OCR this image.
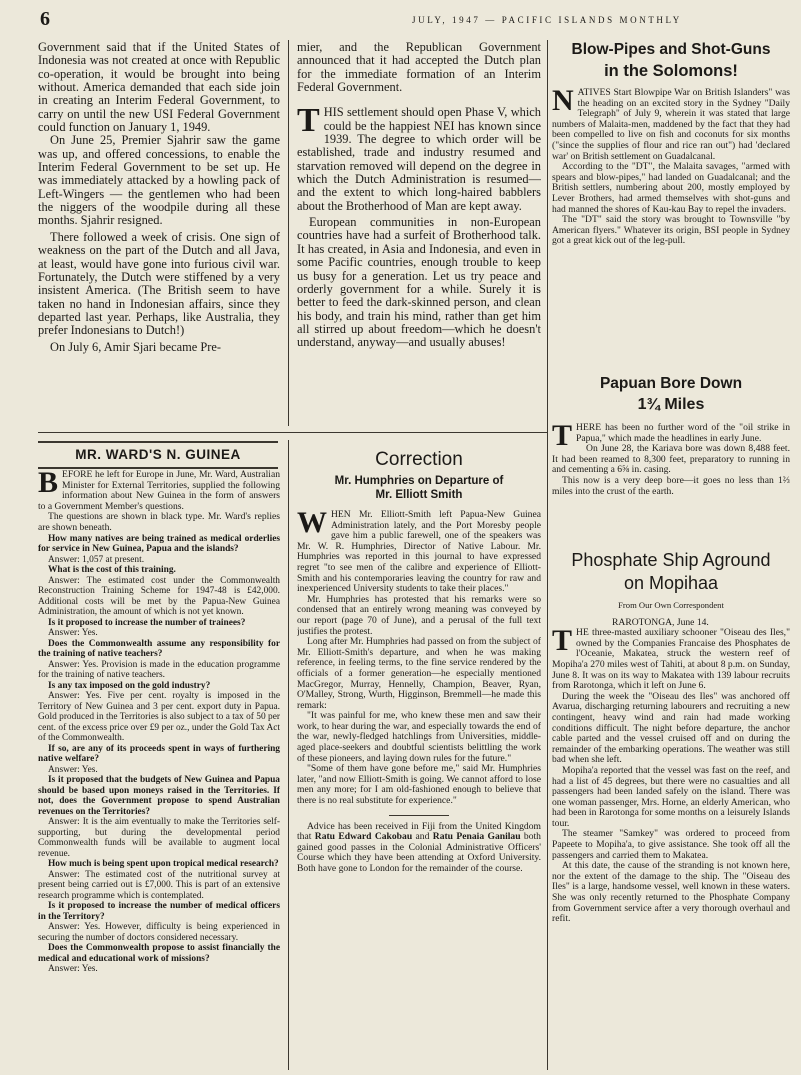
6	JULY, 1947 — PACIFIC ISLANDS MONTHLY

Government said that if the United States of Indonesia was not created at once with Republic co-operation, it would be brought into being without. America demanded that each side join in creating an Interim Federal Government, to carry on until the new USI Federal Government could function on January 1, 1949.

On June 25, Premier Sjahrir saw the game was up, and offered concessions, to enable the Interim Federal Government to be set up. He was immediately attacked by a howling pack of Left-Wingers — the gentlemen who had been the niggers of the woodpile during all these months. Sjahrir resigned.

There followed a week of crisis. One sign of weakness on the part of the Dutch and all Java, at least, would have gone into furious civil war. Fortunately, the Dutch were stiffened by a very insistent America. (The British seem to have taken no hand in Indonesian affairs, since they departed last year. Perhaps, like Australia, they prefer Indonesians to Dutch!)

On July 6, Amir Sjari became Pre-

mier, and the Republican Government announced that it had accepted the Dutch plan for the immediate formation of an Interim Federal Government.

THIS settlement should open Phase V, which could be the happiest NEI has known since 1939. The degree to which order will be established, trade and industry resumed and starvation removed will depend on the degree in which the Dutch Administration is resumed—and the extent to which long-haired babblers about the Brotherhood of Man are kept away.

European communities in non-European countries have had a surfeit of Brotherhood talk. It has created, in Asia and Indonesia, and even in some Pacific countries, enough trouble to keep us busy for a generation. Let us try peace and orderly government for a while. Surely it is better to feed the dark-skinned person, and clean his body, and train his mind, rather than get him all stirred up about freedom—which he doesn't understand, anyway—and usually abuses!

Blow-Pipes and Shot-Guns

in the Solomons!

NATIVES Start Blowpipe War on British Islanders" was the heading on an excited story in the Sydney "Daily Telegraph" of July 9, wherein it was stated that large numbers of Malaita-men, maddened by the fact that they had been compelled to live on fish and coconuts for six months ("since the supplies of flour and rice ran out") had 'declared war' on British settlement on Guadalcanal.

According to the "DT", the Malaita savages, "armed with spears and blow-pipes," had landed on Guadalcanal; and the British settlers, numbering about 200, mostly employed by Lever Brothers, had armed themselves with shot-guns and had manned the shores of Kau-kau Bay to repel the invaders.

The "DT" said the story was brought to Townsville "by American flyers." Whatever its origin, BSI people in Sydney got a great kick out of the leg-pull.

Papuan Bore Down

1¾ Miles

THERE has been no further word of the "oil strike in Papua," which made the headlines in early June.

On June 28, the Kariava bore was down 8,488 feet. It had been reamed to 8,300 feet, preparatory to running in and cementing a 6⅝ in. casing.

This now is a very deep bore—it goes no less than 1⅔ miles into the crust of the earth.

Phosphate Ship Aground

on Mopihaa

From Our Own Correspondent

RAROTONGA, June 14.

THE three-masted auxiliary schooner "Oiseau des Iles," owned by the Companies Francaise des Phosphates de l'Oceanie, Makatea, struck the western reef of Mopiha'a 270 miles west of Tahiti, at about 8 p.m. on Sunday, June 8. It was on its way to Makatea with 139 labour recruits from Rarotonga, which it left on June 6.

During the week the "Oiseau des Iles" was anchored off Avarua, discharging returning labourers and recruiting a new contingent, heavy wind and rain had made working conditions difficult. The night before departure, the anchor cable parted and the vessel cruised off and on during the remainder of the embarking operations. The weather was still bad when she left.

Mopiha'a reported that the vessel was fast on the reef, and had a list of 45 degrees, but there were no casualties and all passengers had been landed safely on the island. There was one woman passenger, Mrs. Horne, an elderly American, who had been in Rarotonga for some months on a leisurely Islands tour.

The steamer "Samkey" was ordered to proceed from Papeete to Mopiha'a, to give assistance. She took off all the passengers and carried them to Makatea.

At this date, the cause of the stranding is not known here, nor the extent of the damage to the ship. The "Oiseau des Iles" is a large, handsome vessel, well known in these waters. She was only recently returned to the Phosphate Company from Government service after a very thorough overhaul and refit.

MR. WARD'S N. GUINEA

BEFORE he left for Europe in June, Mr. Ward, Australian Minister for External Territories, supplied the following information about New Guinea in the form of answers to a Government Member's questions.

The questions are shown in black type. Mr. Ward's replies are shown beneath.

How many natives are being trained as medical orderlies for service in New Guinea, Papua and the islands?

Answer: 1,057 at present.

What is the cost of this training.

Answer: The estimated cost under the Commonwealth Reconstruction Training Scheme for 1947-48 is £42,000. Additional costs will be met by the Papua-New Guinea Administration, the amount of which is not yet known.

Is it proposed to increase the number of trainees?

Answer: Yes.

Does the Commonwealth assume any responsibility for the training of native teachers?

Answer: Yes. Provision is made in the education programme for the training of native teachers.

Is any tax imposed on the gold industry?

Answer: Yes. Five per cent. royalty is imposed in the Territory of New Guinea and 3 per cent. export duty in Papua. Gold produced in the Territories is also subject to a tax of 50 per cent. of the excess price over £9 per oz., under the Gold Tax Act of the Commonwealth.

If so, are any of its proceeds spent in ways of furthering native welfare?

Answer: Yes.

Is it proposed that the budgets of New Guinea and Papua should be based upon moneys raised in the Territories. If not, does the Government propose to spend Australian revenues on the Territories?

Answer: It is the aim eventually to make the Territories self-supporting, but during the developmental period Commonwealth funds will be available to augment local revenue.

How much is being spent upon tropical medical research?

Answer: The estimated cost of the nutritional survey at present being carried out is £7,000. This is part of an extensive research programme which is contemplated.

Is it proposed to increase the number of medical officers in the Territory?

Answer: Yes. However, difficulty is being experienced in securing the number of doctors considered necessary.

Does the Commonwealth propose to assist financially the medical and educational work of missions?

Answer: Yes.

Correction

Mr. Humphries on Departure of

Mr. Elliott Smith

WHEN Mr. Elliott-Smith left Papua-New Guinea Administration lately, and the Port Moresby people gave him a public farewell, one of the speakers was Mr. W. R. Humphries, Director of Native Labour. Mr. Humphries was reported in this journal to have expressed regret "to see men of the calibre and experience of Elliott-Smith and his contemporaries leaving the country for raw and inexperienced University students to take their places."

Mr. Humphries has protested that his remarks were so condensed that an entirely wrong meaning was conveyed by our report (page 70 of June), and a perusal of the full text justifies the protest.

Long after Mr. Humphries had passed on from the subject of Mr. Elliott-Smith's departure, and when he was making reference, in feeling terms, to the fine service rendered by the officials of a former generation—he especially mentioned MacGregor, Murray, Hennelly, Champion, Beaver, Ryan, O'Malley, Strong, Wurth, Higginson, Bremmell—he made this remark:

"It was painful for me, who knew these men and saw their work, to hear during the war, and especially towards the end of the war, newly-fledged hatchlings from Universities, middle-aged place-seekers and doubtful scientists belittling the work of these pioneers, and laying down rules for the future."

"Some of them have gone before me," said Mr. Humphries later, "and now Elliott-Smith is going. We cannot afford to lose men any more; for I am old-fashioned enough to believe that there is no real substitute for experience."

Advice has been received in Fiji from the United Kingdom that Ratu Edward Cakobau and Ratu Penaia Ganilau both gained good passes in the Colonial Administrative Officers' Course which they have been attending at Oxford University. Both have gone to London for the remainder of the course.
